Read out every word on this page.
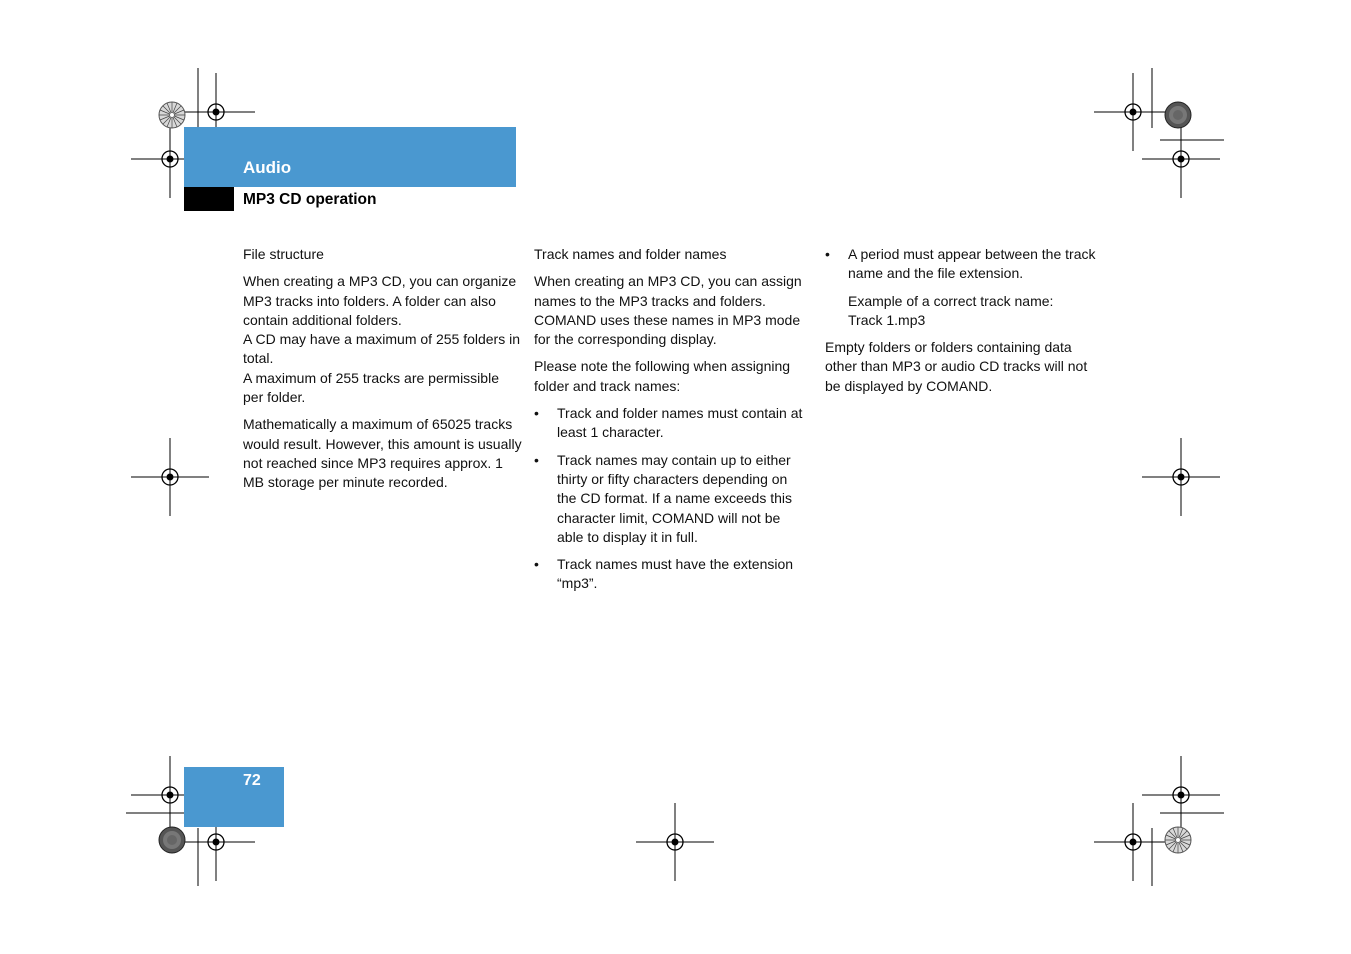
Audio
MP3 CD operation

File structure

When creating a MP3 CD, you can organize MP3 tracks into folders. A folder can also contain additional folders.
A CD may have a maximum of 255 folders in total.
A maximum of 255 tracks are permissible per folder.

Mathematically a maximum of 65025 tracks would result. However, this amount is usually not reached since MP3 requires approx. 1 MB storage per minute recorded.

Track names and folder names

When creating an MP3 CD, you can assign names to the MP3 tracks and folders. COMAND uses these names in MP3 mode for the corresponding display.

Please note the following when assigning folder and track names:

• Track and folder names must contain at least 1 character.
• Track names may contain up to either thirty or fifty characters depending on the CD format. If a name exceeds this character limit, COMAND will not be able to display it in full.
• Track names must have the extension “mp3”.
• A period must appear between the track name and the file extension.

Example of a correct track name:
Track 1.mp3

Empty folders or folders containing data other than MP3 or audio CD tracks will not be displayed by COMAND.

72
